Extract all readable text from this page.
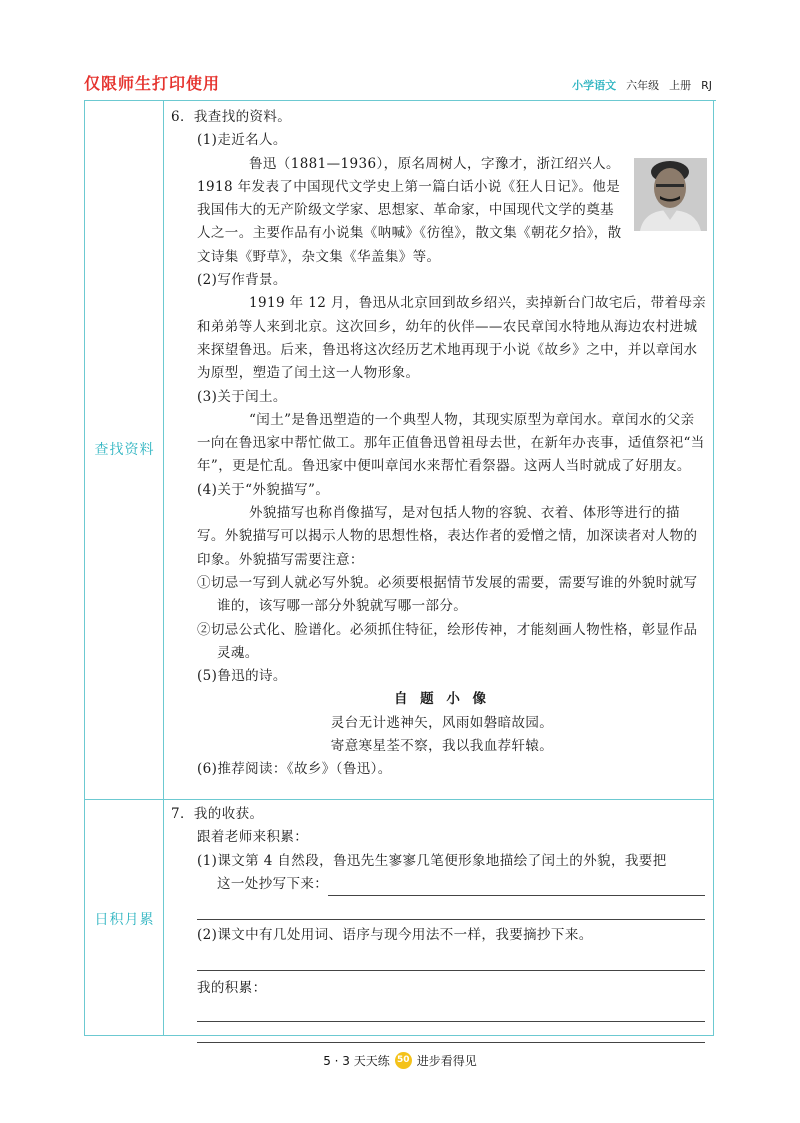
仅限师生打印使用	小学语文 六年级 上册 RJ
查找资料
日积月累

6．我查找的资料。

(1)走近名人。

鲁迅（1881—1936），原名周树人，字豫才，浙江绍兴人。

1918 年发表了中国现代文学史上第一篇白话小说《狂人日记》。他是我国伟大的无产阶级文学家、思想家、革命家，中国现代文学的奠基人之一。主要作品有小说集《呐喊》《彷徨》，散文集《朝花夕拾》，散文诗集《野草》，杂文集《华盖集》等。

(2)写作背景。

1919 年 12 月，鲁迅从北京回到故乡绍兴，卖掉新台门故宅后，带着母亲和弟弟等人来到北京。这次回乡，幼年的伙伴——农民章闰水特地从海边农村进城来探望鲁迅。后来，鲁迅将这次经历艺术地再现于小说《故乡》之中，并以章闰水为原型，塑造了闰土这一人物形象。

(3)关于闰土。

“闰土”是鲁迅塑造的一个典型人物，其现实原型为章闰水。章闰水的父亲一向在鲁迅家中帮忙做工。那年正值鲁迅曾祖母去世，在新年办丧事，适值祭祀“当年”，更是忙乱。鲁迅家中便叫章闰水来帮忙看祭器。这两人当时就成了好朋友。

(4)关于“外貌描写”。

外貌描写也称肖像描写，是对包括人物的容貌、衣着、体形等进行的描写。外貌描写可以揭示人物的思想性格，表达作者的爱憎之情，加深读者对人物的印象。外貌描写需要注意：

①切忌一写到人就必写外貌。必须要根据情节发展的需要，需要写谁的外貌时就写谁的，该写哪一部分外貌就写哪一部分。

②切忌公式化、脸谱化。必须抓住特征，绘形传神，才能刻画人物性格，彰显作品灵魂。

(5)鲁迅的诗。

自 题 小 像

灵台无计逃神矢，风雨如磐暗故园。

寄意寒星荃不察，我以我血荐轩辕。

(6)推荐阅读：《故乡》（鲁迅）。

7．我的收获。

跟着老师来积累：

(1)课文第 4 自然段，鲁迅先生寥寥几笔便形象地描绘了闰土的外貌，我要把

这一处抄写下来：

(2)课文中有几处用词、语序与现今用法不一样，我要摘抄下来。

我的积累：

5 · 3 天天练 50 进步看得见
